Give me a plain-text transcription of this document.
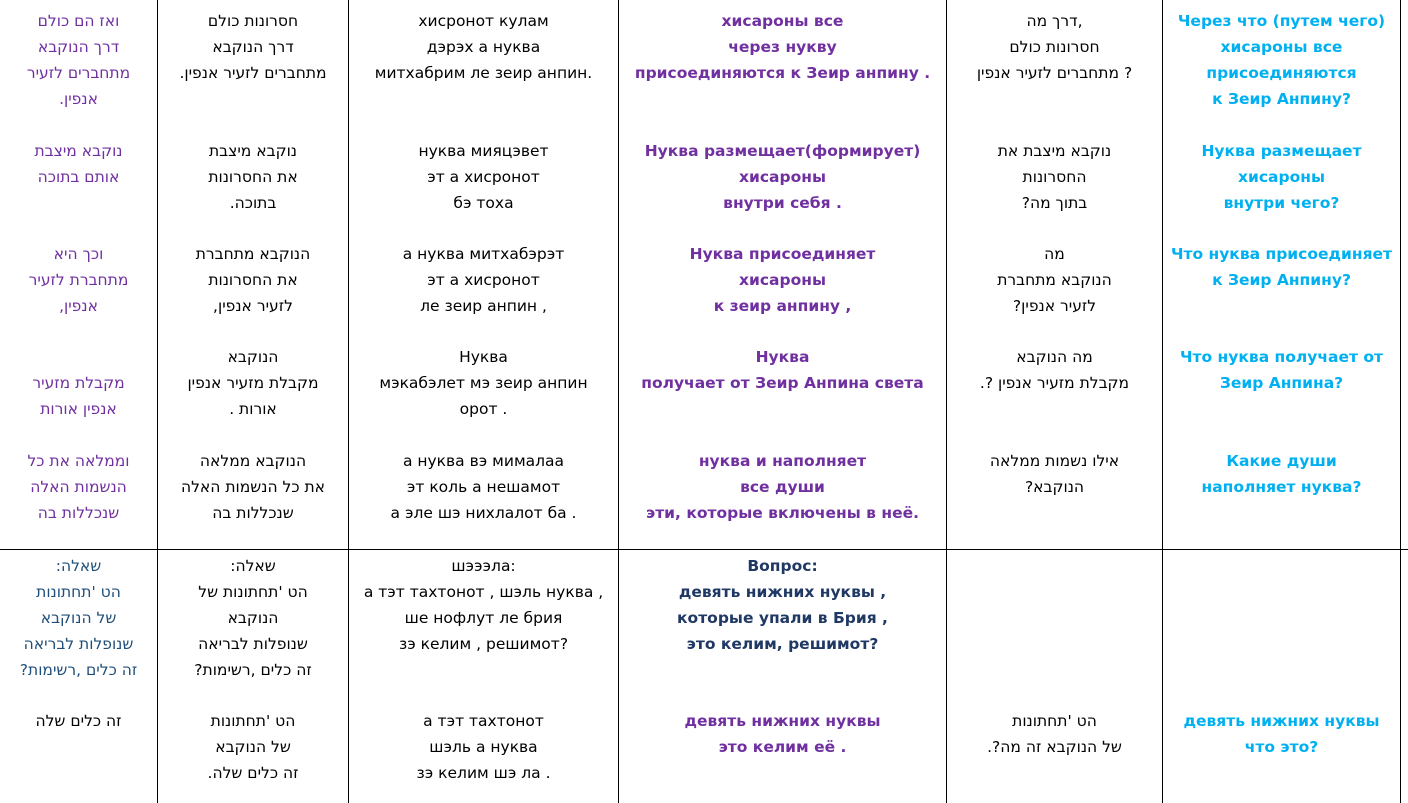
ואז הם כולם
דרך הנוקבא
מתחברים לזעיר
אנפין.
חסרונות כולם
דרך הנוקבא
מתחברים לזעיר אנפין.
хисронот кулам
дэрэх а нуква
митхабрим ле зеир анпин.
хисароны все
через нукву
присоединяются к Зеир анпину .
,דרך מה
חסרונות כולם
? מתחברים לזעיר אנפין
Через что (путем чего)
хисароны все
присоединяются
к Зеир Анпину?
נוקבא מיצבת
אותם בתוכה
נוקבא מיצבת
את החסרונות
בתוכה.
нуква мияцэвет
эт а хисронот
бэ тоха
Нуква размещает(формирует)
хисароны
внутри себя .
נוקבא מיצבת את
החסרונות
בתוך מה?
Нуква размещает
хисароны
внутри чего?
וכך היא
מתחברת לזעיר
אנפין,
הנוקבא מתחברת
את החסרונות
לזעיר אנפין,
а нуква митхабэрэт
эт а хисронот
ле зеир анпин ,
Нуква присоединяет
хисароны
к зеир анпину ,
מה
הנוקבא מתחברת
לזעיר אנפין?
Что нуква присоединяет
к Зеир Анпину?
מקבלת מזעיר
אנפין אורות
הנוקבא
מקבלת מזעיר אנפין
אורות .
Нуква
мэкабэлет мэ зеир анпин
орот .
Нуква
получает от Зеир Анпина света
מה הנוקבא
מקבלת מזעיר אנפין ?.
Что нуква получает от
Зеир Анпина?
וממלאה את כל
הנשמות האלה
שנכללות בה
הנוקבא ממלאה
את כל הנשמות האלה
שנכללות בה
а нуква вэ мималаа
эт коль а нешамот
а эле шэ нихлалот ба .
нуква и наполняет
все души
эти, которые включены в неё.
אילו נשמות ממלאה
הנוקבא?
Какие души
наполняет нуква?
שאלה:
הט 'תחתונות
של הנוקבא
שנופלות לבריאה
זה כלים ,רשימות?
שאלה:
הט 'תחתונות של
הנוקבא
שנופלות לבריאה
זה כלים ,רשימות?
шэээла:
а тэт тахтонот , шэль нуква ,
ше нофлут ле брия
зэ келим , решимот?
Вопрос:
девять нижних нуквы ,
которые упали в Брия ,
это келим, решимот?
זה כלים שלה	הט 'תחתונות
של הנוקבא
זה כלים שלה.
а тэт тахтонот
шэль а нуква
зэ келим шэ ла .
девять нижних нуквы
это келим её .
הט 'תחתונות
של הנוקבא זה מה?.
девять нижних нуквы
что это?
